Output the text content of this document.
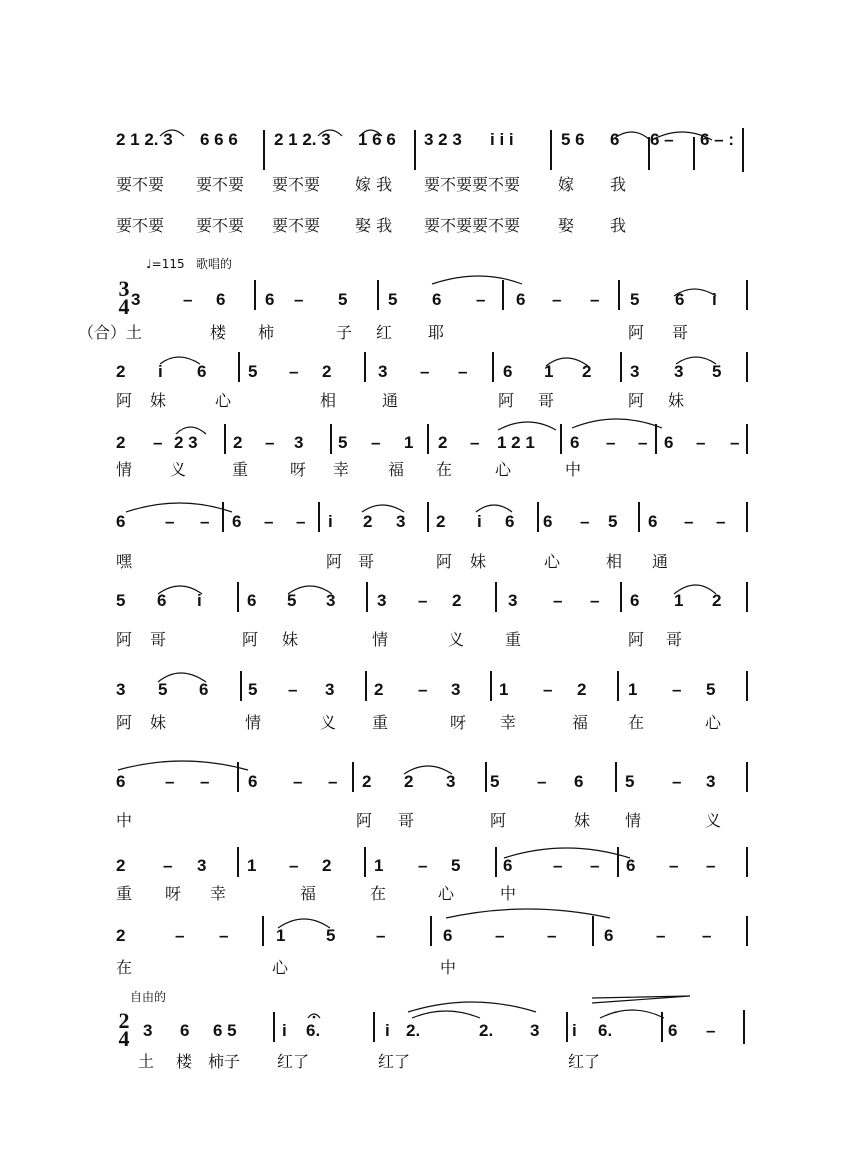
♩=115 歌唱的
自由的
3
4
2
4
2 1 2. 3 6 6 6 2 1 2. 3 1 6 6 3 2 3 i i i	5 6 6 6 – 6 – :
要不要 要不要 要不要 嫁 我 要不要要不要 嫁 我
要不要 要不要 要不要 娶 我 要不要要不要 娶 我
3	– 6 6 – 5 5 6 – 6 – – 5 6 i
（合）土	楼 柿	子 红 耶	阿 哥
2 i 6 5 – 2	3 – – 6 1 2 3 3 5
阿 妹	心	相	通	阿 哥	阿 妹
2 – 2 3 2 – 3 5 – 1 2 – 1 2 1 6 – – 6 – –
情 义	重	呀 幸 福 在	心	中
6 – – 6 – – i 2 3 2 i 6 6 – 5 6 – –
嘿	阿 哥	阿 妹	心	相 通
5 6 i	6 5 3 3 – 2	3 – – 6 1 2
阿 哥	阿 妹	情	义	重	阿 哥
3 5 6 5 – 3 2 – 3 1 – 2 1 – 5
阿 妹	情	义 重	呀 幸	福 在	心
6 – – 6 – – 2 2 3 5 – 6 5 – 3
中	阿 哥	阿	妹 情	义
2 – 3 1 – 2	1 – 5	6 – – 6 – –
重 呀 幸	福	在	心	中
2	– –	1 5 –	6	–	–	6	– –
在	心	中
3 6 6 5	i 6.	i 2.	2. 3 i 6.	6 –
土 楼 柿子 红了	红了	红了
